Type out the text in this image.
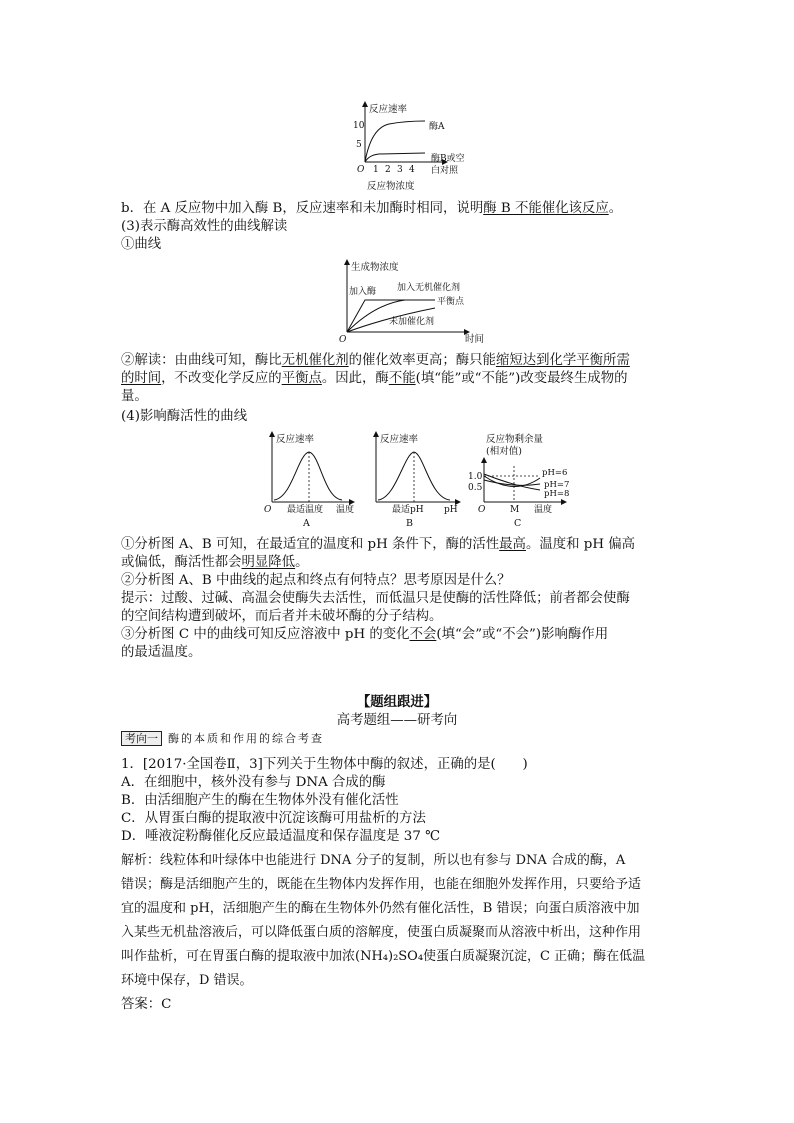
反应速率
10
5
O 1 2 3 4
酶A
酶B或空
白对照
反应物浓度
b．在 A 反应物中加入酶 B，反应速率和未加酶时相同，说明酶 B 不能催化该反应。
(3)表示酶高效性的曲线解读
①曲线
生成物浓度
O	时间
加入酶 加入无机催化剂
平衡点
未加催化剂
②解读：由曲线可知，酶比无机催化剂的催化效率更高；酶只能缩短达到化学平衡所需
的时间，不改变化学反应的平衡点。因此，酶不能(填“能”或“不能”)改变最终生成物的
量。
(4)影响酶活性的曲线
反应速率
O 最适温度 温度
A
反应速率
最适pH pH
B
反应物剩余量
(相对值)
1.0
0.5
pH=6
pH=7
pH=8
O	M 温度
C
①分析图 A、B 可知，在最适宜的温度和 pH 条件下，酶的活性最高。温度和 pH 偏高
或偏低，酶活性都会明显降低。
②分析图 A、B 中曲线的起点和终点有何特点？思考原因是什么？
提示：过酸、过碱、高温会使酶失去活性，而低温只是使酶的活性降低；前者都会使酶
的空间结构遭到破坏，而后者并未破坏酶的分子结构。
③分析图 C 中的曲线可知反应溶液中 pH 的变化不会(填“会”或“不会”)影响酶作用
的最适温度。
【题组跟进】
高考题组——研考向
考向一 酶的本质和作用的综合考查
1．[2017·全国卷Ⅱ，3]下列关于生物体中酶的叙述，正确的是(　　)
A．在细胞中，核外没有参与 DNA 合成的酶
B．由活细胞产生的酶在生物体外没有催化活性
C．从胃蛋白酶的提取液中沉淀该酶可用盐析的方法
D．唾液淀粉酶催化反应最适温度和保存温度是 37 ℃
解析：线粒体和叶绿体中也能进行 DNA 分子的复制，所以也有参与 DNA 合成的酶，A
错误；酶是活细胞产生的，既能在生物体内发挥作用，也能在细胞外发挥作用，只要给予适
宜的温度和 pH，活细胞产生的酶在生物体外仍然有催化活性，B 错误；向蛋白质溶液中加
入某些无机盐溶液后，可以降低蛋白质的溶解度，使蛋白质凝聚而从溶液中析出，这种作用
叫作盐析，可在胃蛋白酶的提取液中加浓(NH₄)₂SO₄使蛋白质凝聚沉淀，C 正确；酶在低温
环境中保存，D 错误。
答案：C
